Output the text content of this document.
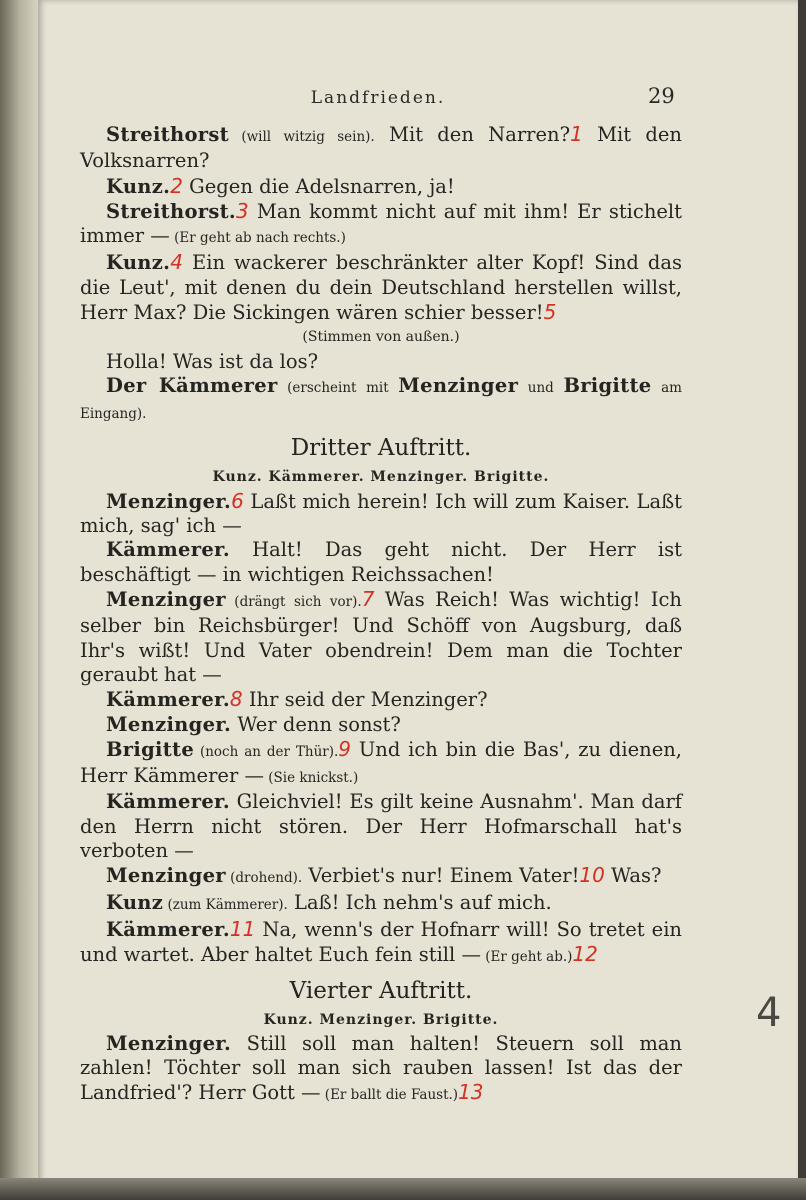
Landfrieden.	29

Streithorst (will witzig sein). Mit den Narren?1 Mit den Volksnarren?

Kunz.2 Gegen die Adelsnarren, ja!

Streithorst.3 Man kommt nicht auf mit ihm! Er stichelt immer — (Er geht ab nach rechts.)

Kunz.4 Ein wackerer beschränkter alter Kopf! Sind das die Leut', mit denen du dein Deutschland herstellen willst, Herr Max? Die Sickingen wären schier besser!5

(Stimmen von außen.)

Holla! Was ist da los?

Der Kämmerer (erscheint mit Menzinger und Brigitte am Eingang).

Dritter Auftritt.

Kunz. Kämmerer. Menzinger. Brigitte.

Menzinger.6 Laßt mich herein! Ich will zum Kaiser. Laßt mich, sag' ich —

Kämmerer. Halt! Das geht nicht. Der Herr ist beschäftigt — in wichtigen Reichssachen!

Menzinger (drängt sich vor).7 Was Reich! Was wichtig! Ich selber bin Reichsbürger! Und Schöff von Augsburg, daß Ihr's wißt! Und Vater obendrein! Dem man die Tochter geraubt hat —

Kämmerer.8 Ihr seid der Menzinger?

Menzinger. Wer denn sonst?

Brigitte (noch an der Thür).9 Und ich bin die Bas', zu dienen, Herr Kämmerer — (Sie knickst.)

Kämmerer. Gleichviel! Es gilt keine Ausnahm'. Man darf den Herrn nicht stören. Der Herr Hofmarschall hat's verboten —

Menzinger (drohend). Verbiet's nur! Einem Vater!10 Was?

Kunz (zum Kämmerer). Laß! Ich nehm's auf mich.

Kämmerer.11 Na, wenn's der Hofnarr will! So tretet ein und wartet. Aber haltet Euch fein still — (Er geht ab.)12

Vierter Auftritt.

Kunz. Menzinger. Brigitte.

Menzinger. Still soll man halten! Steuern soll man zahlen! Töchter soll man sich rauben lassen! Ist das der Landfried'? Herr Gott — (Er ballt die Faust.)13

4
